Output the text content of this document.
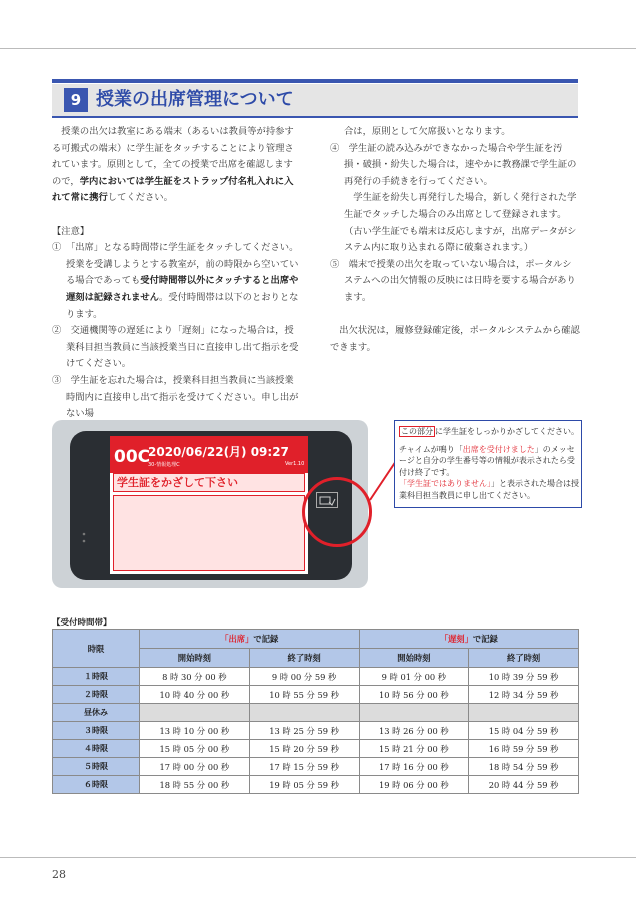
9 授業の出席管理について

授業の出欠は教室にある端末（あるいは教員等が持参する可搬式の端末）に学生証をタッチすることにより管理されています。原則として，全ての授業で出席を確認しますので，学内においては学生証をストラップ付名札入れに入れて常に携行してください。

【注意】

①　「出席」となる時間帯に学生証をタッチしてください。授業を受講しようとする教室が，前の時限から空いている場合であっても受付時間帯以外にタッチすると出席や遅刻は記録されません。受付時間帯は以下のとおりとなります。

②　交通機関等の遅延により「遅刻」になった場合は，授業科目担当教員に当該授業当日に直接申し出て指示を受けてください。

③　学生証を忘れた場合は，授業科目担当教員に当該授業時間内に直接申し出て指示を受けてください。申し出がない場

合は，原則として欠席扱いとなります。

④　学生証の読み込みができなかった場合や学生証を汚損・破損・紛失した場合は，速やかに教務課で学生証の再発行の手続きを行ってください。

学生証を紛失し再発行した場合，新しく発行された学生証でタッチした場合のみ出席として登録されます。（古い学生証でも端末は反応しますが，出席データがシステム内に取り込まれる際に破棄されます。）

⑤　端末で授業の出欠を取っていない場合は，ポータルシステムへの出欠情報の反映には日時を要する場合があります。

出欠状況は，履修登録確定後，ポータルシステムから確認できます。

00C
2020/06/22(月) 09:27
30-情報処理C	Ver1.10
学生証をかざして下さい

この部分 に学生証をしっかりかざしてください。

チャイムが鳴り「出席を受付けました」のメッセージと自分の学生番号等の情報が表示されたら受付け終了です。

「学生証ではありません」」と表示された場合は授業科目担当教員に申し出てください。

【受付時間帯】
時限	「出席」で記録		「遅刻」で記録	
	開始時刻	終了時刻	開始時刻	終了時刻
１時限	8 時 30 分 00 秒	9 時 00 分 59 秒	9 時 01 分 00 秒	10 時 39 分 59 秒
２時限	10 時 40 分 00 秒	10 時 55 分 59 秒	10 時 56 分 00 秒	12 時 34 分 59 秒
昼休み				
３時限	13 時 10 分 00 秒	13 時 25 分 59 秒	13 時 26 分 00 秒	15 時 04 分 59 秒
４時限	15 時 05 分 00 秒	15 時 20 分 59 秒	15 時 21 分 00 秒	16 時 59 分 59 秒
５時限	17 時 00 分 00 秒	17 時 15 分 59 秒	17 時 16 分 00 秒	18 時 54 分 59 秒
６時限	18 時 55 分 00 秒	19 時 05 分 59 秒	19 時 06 分 00 秒	20 時 44 分 59 秒
28
